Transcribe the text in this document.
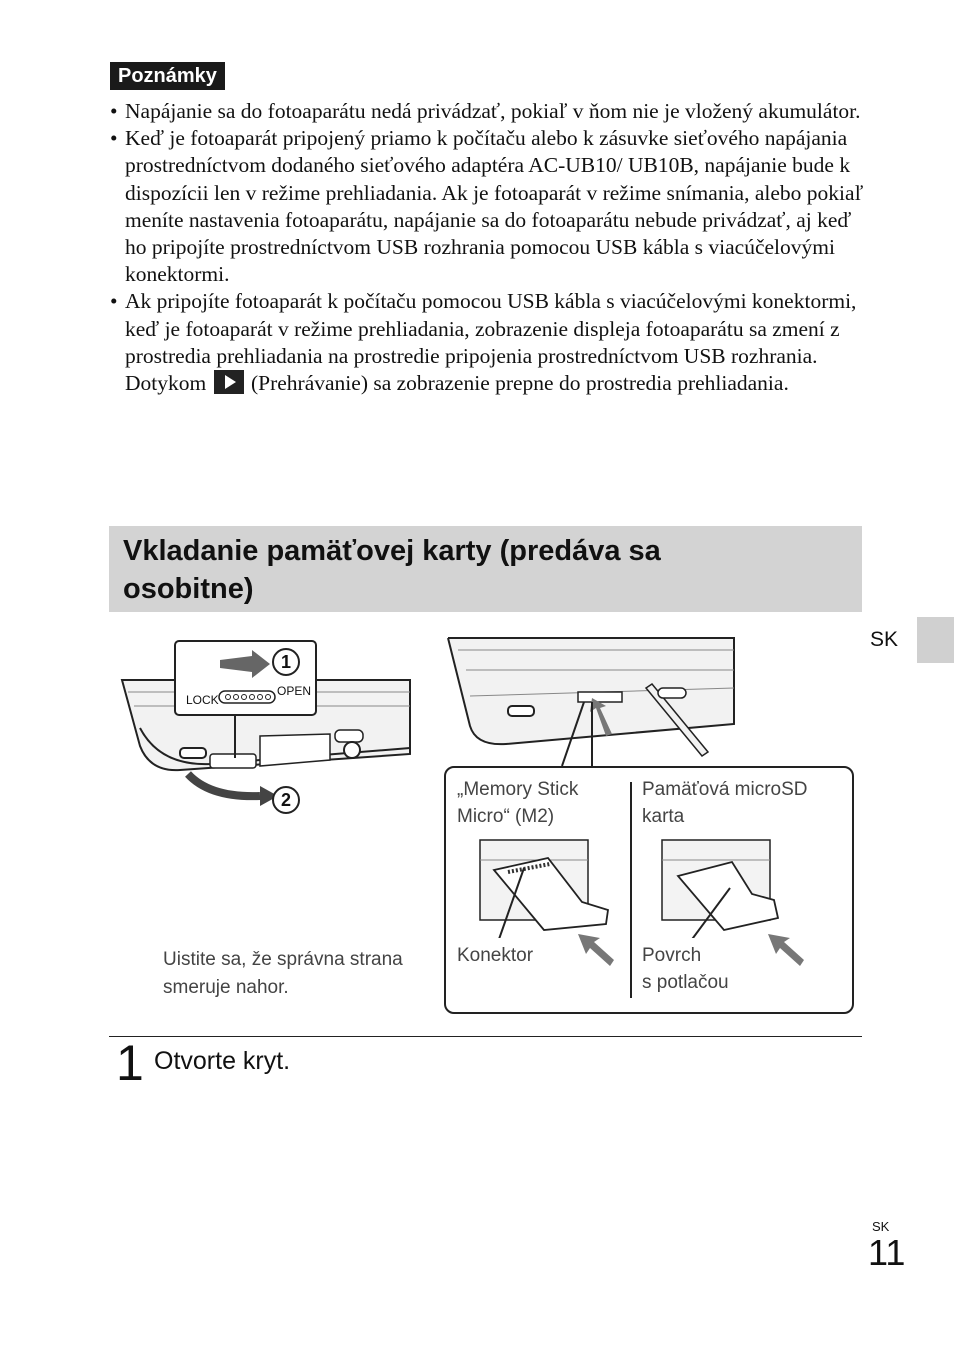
Poznámky
• Napájanie sa do fotoaparátu nedá privádzať, pokiaľ v ňom nie je vložený akumulátor.
• Keď je fotoaparát pripojený priamo k počítaču alebo k zásuvke sieťového napájania prostredníctvom dodaného sieťového adaptéra AC-UB10/ UB10B, napájanie bude k dispozícii len v režime prehliadania. Ak je fotoaparát v režime snímania, alebo pokiaľ meníte nastavenia fotoaparátu, napájanie sa do fotoaparátu nebude privádzať, aj keď ho pripojíte prostredníctvom USB rozhrania pomocou USB kábla s viacúčelovými konektormi.
• Ak pripojíte fotoaparát k počítaču pomocou USB kábla s viacúčelovými konektormi, keď je fotoaparát v režime prehliadania, zobrazenie displeja fotoaparátu sa zmení z prostredia prehliadania na prostredie pripojenia prostredníctvom USB rozhrania. Dotykom (Prehrávanie) sa zobrazenie prepne do prostredia prehliadania.
Vkladanie pamäťovej karty (predáva sa
osobitne)
SK
LOCK
OPEN
1
2
Uistite sa, že správna strana smeruje nahor.
„Memory Stick
Micro“ (M2)
Pamäťová microSD
karta
Konektor	Povrch
s potlačou
1 Otvorte kryt.
SK
11
